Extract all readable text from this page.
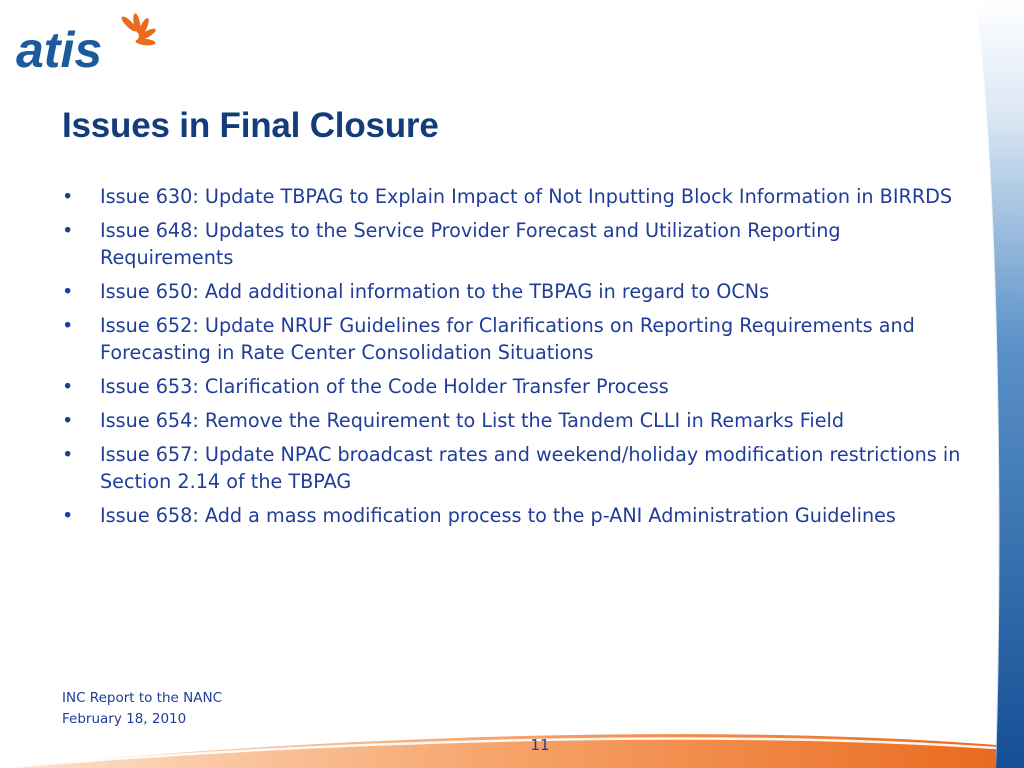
atis
Issues in Final Closure
• Issue 630: Update TBPAG to Explain Impact of Not Inputting Block Information in BIRRDS
• Issue 648: Updates to the Service Provider Forecast and Utilization Reporting Requirements
• Issue 650: Add additional information to the TBPAG in regard to OCNs
• Issue 652: Update NRUF Guidelines for Clarifications on Reporting Requirements and Forecasting in Rate Center Consolidation Situations
• Issue 653: Clarification of the Code Holder Transfer Process
• Issue 654: Remove the Requirement to List the Tandem CLLI in Remarks Field
• Issue 657: Update NPAC broadcast rates and weekend/holiday modification restrictions in Section 2.14 of the TBPAG
• Issue 658: Add a mass modification process to the p-ANI Administration Guidelines
INC Report to the NANC
February 18, 2010
11
